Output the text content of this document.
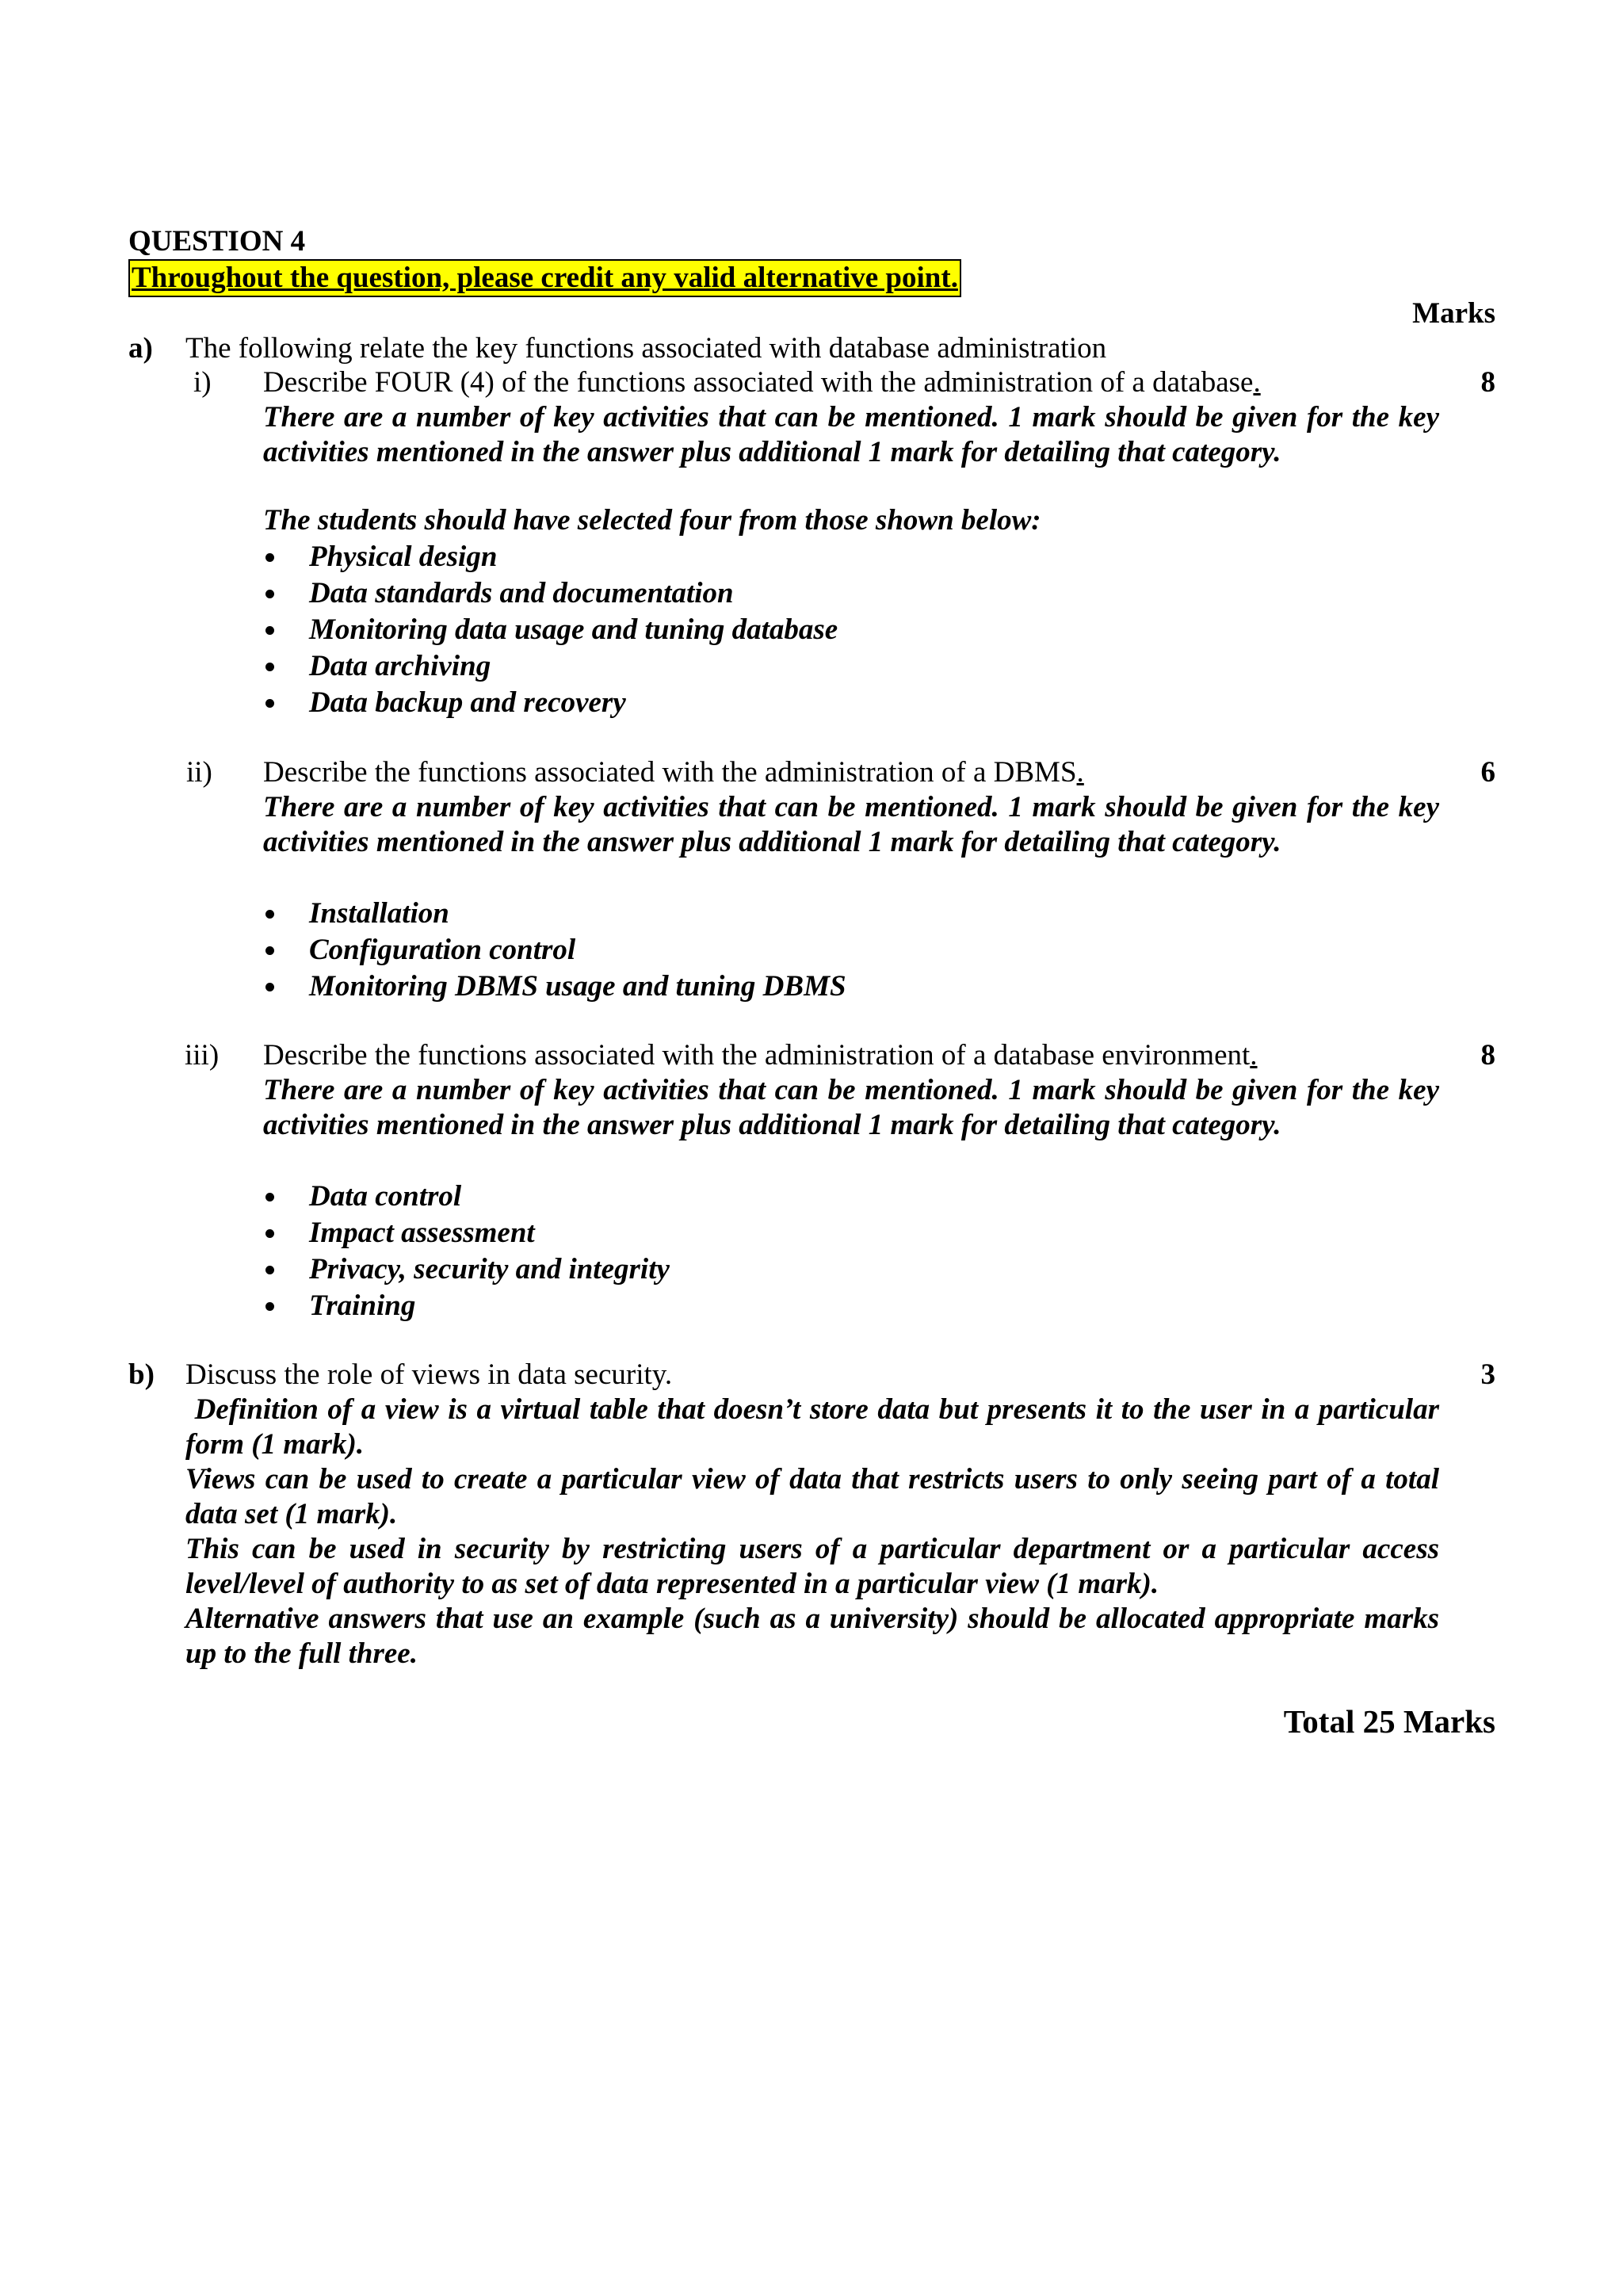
QUESTION 4
Throughout the question, please credit any valid alternative point.
Marks
a) The following relate the key functions associated with database administration
i) Describe FOUR (4) of the functions associated with the administration of a database.	8

There are a number of key activities that can be mentioned. 1 mark should be given for the key

activities mentioned in the answer plus additional 1 mark for detailing that category.

The students should have selected four from those shown below:
Physical design
Data standards and documentation
Monitoring data usage and tuning database
Data archiving
Data backup and recovery
ii) Describe the functions associated with the administration of a DBMS.	6

There are a number of key activities that can be mentioned. 1 mark should be given for the key

activities mentioned in the answer plus additional 1 mark for detailing that category.

Installation
Configuration control
Monitoring DBMS usage and tuning DBMS
iii) Describe the functions associated with the administration of a database environment.	8

There are a number of key activities that can be mentioned. 1 mark should be given for the key

activities mentioned in the answer plus additional 1 mark for detailing that category.

Data control
Impact assessment
Privacy, security and integrity
Training
b) Discuss the role of views in data security.	3

Definition of a view is a virtual table that doesn’t store data but presents it to the user in a particular

form (1 mark).

Views can be used to create a particular view of data that restricts users to only seeing part of a total

data set (1 mark).

This can be used in security by restricting users of a particular department or a particular access

level/level of authority to as set of data represented in a particular view (1 mark).

Alternative answers that use an example (such as a university) should be allocated appropriate marks

up to the full three.

Total 25 Marks
